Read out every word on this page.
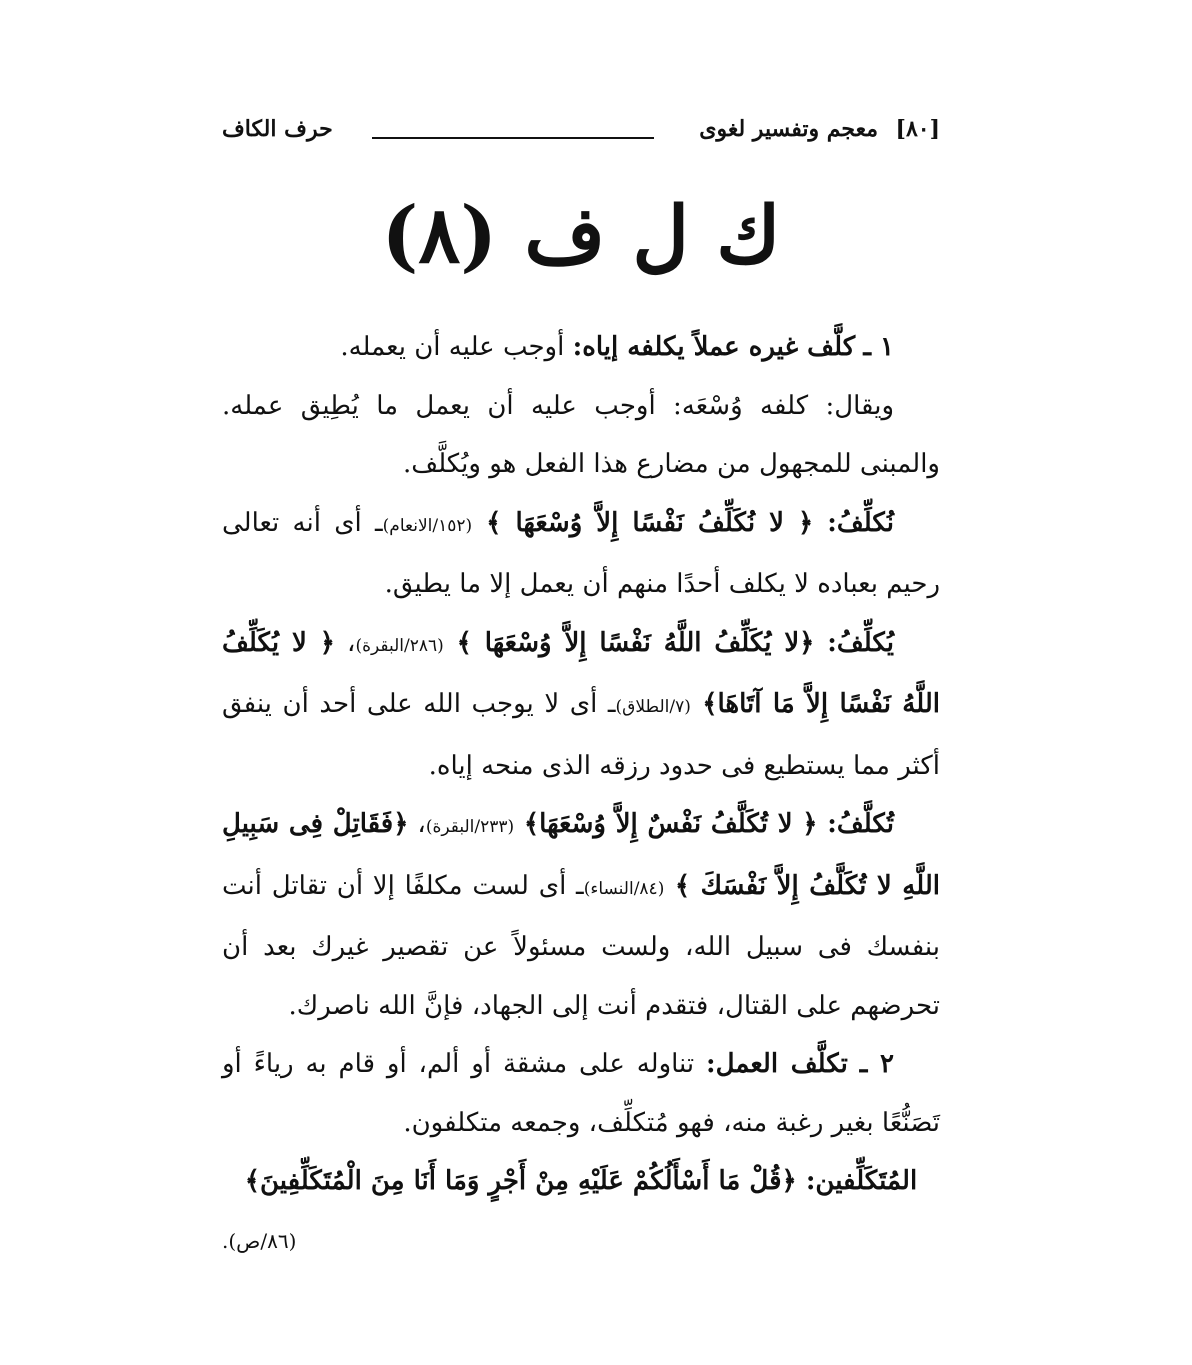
[٨٠]
معجم وتفسير لغوى
حرف الكاف
ك ل ف (٨)

١ ـ كلَّف غيره عملاً يكلفه إياه: أوجب عليه أن يعمله.

ويقال: كلفه وُسْعَه: أوجب عليه أن يعمل ما يُطِيق عمله. والمبنى للمجهول من مضارع هذا الفعل هو ويُكلَّف.

نُكلِّفُ: ﴿ لا نُكَلِّفُ نَفْسًا إِلاَّ وُسْعَهَا ﴾ (١٥٢/الانعام)ـ أى أنه تعالى رحيم بعباده لا يكلف أحدًا منهم أن يعمل إلا ما يطيق.

يُكلِّفُ: ﴿لا يُكَلِّفُ اللَّهُ نَفْسًا إِلاَّ وُسْعَهَا ﴾ (٢٨٦/البقرة)، ﴿ لا يُكَلِّفُ اللَّهُ نَفْسًا إِلاَّ مَا آتَاهَا﴾ (٧/الطلاق)ـ أى لا يوجب الله على أحد أن ينفق أكثر مما يستطيع فى حدود رزقه الذى منحه إياه.

تُكلَّفُ: ﴿ لا تُكَلَّفُ نَفْسٌ إِلاَّ وُسْعَهَا﴾ (٢٣٣/البقرة)، ﴿فَقَاتِلْ فِى سَبِيلِ اللَّهِ لا تُكَلَّفُ إِلاَّ نَفْسَكَ ﴾ (٨٤/النساء)ـ أى لست مكلفًا إلا أن تقاتل أنت بنفسك فى سبيل الله، ولست مسئولاً عن تقصير غيرك بعد أن تحرضهم على القتال، فتقدم أنت إلى الجهاد، فإنَّ الله ناصرك.

٢ ـ تكلَّف العمل: تناوله على مشقة أو ألم، أو قام به رياءً أو تَصَنُّعًا بغير رغبة منه، فهو مُتكلِّف، وجمعه متكلفون.

المُتَكَلِّفين: ﴿قُلْ مَا أَسْأَلُكُمْ عَلَيْهِ مِنْ أَجْرٍ وَمَا أَنَا مِنَ الْمُتَكَلِّفِينَ﴾

(٨٦/ص).
